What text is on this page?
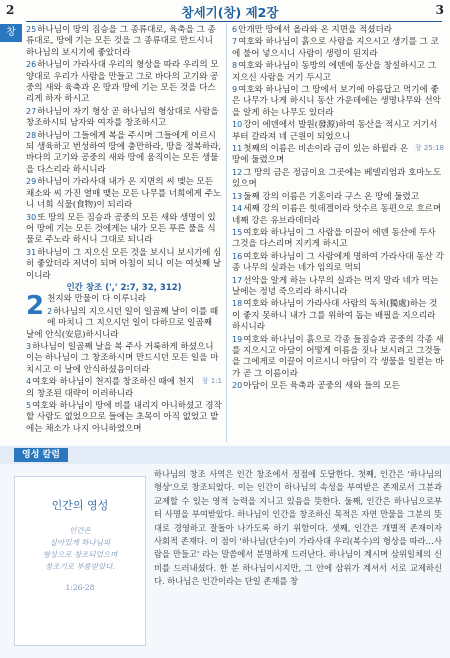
2	창세기(창) 제2장	3
창	25하나님이 땅의 짐승을 그 종류대로, 육축을 그 종류대로, 땅에 기는 모든 것을 그 종류대로 만드시니 하나님의 보시기에 좋았더라
26하나님이 가라사대 우리의 형상을 따라 우리의 모양대로 우리가 사람을 만들고 그로 바다의 고기와 공중의 새와 육축과 온 땅과 땅에 기는 모든 것을 다스리게 하자 하시고
27하나님이 자기 형상 곧 하나님의 형상대로 사람을 창조하시되 남자와 여자를 창조하시고
28하나님이 그들에게 복을 주시며 그들에게 이르시되 생육하고 번성하여 땅에 충만하라, 땅을 정복하라, 바다의 고기와 공중의 새와 땅에 움직이는 모든 생물을 다스리라 하시니라
29하나님이 가라사대 내가 온 지면의 씨 맺는 모든 채소와 씨 가진 열매 맺는 모든 나무를 너희에게 주노니 너희 식물(食物)이 되리라
30또 땅의 모든 짐승과 공중의 모든 새와 생명이 있어 땅에 기는 모든 것에게는 내가 모든 푸른 풀을 식물로 주노라 하시니 그대로 되니라
31하나님이 그 지으신 모든 것을 보시니 보시기에 심히 좋았더라 저녁이 되며 아침이 되니 이는 여섯째 날이니라
인간 창조 (',' 2:7, 32, 312)
2 천지와 만물이 다 이루니라
2하나님의 지으시던 일이 일곱째 날이 이를 때에 마치니 그 지으시던 일이 다하므로 일곱째 날에 안식(安息)하시니라
3하나님이 일곱째 날을 복 주사 거룩하게 하셨으니 이는 하나님이 그 창조하시며 만드시던 모든 일을 마치시고 이 날에 안식하셨음이더라
창 1:1
4여호와 하나님이 천지를 창조하신 때에 천지의 창조된 대략이 이러하니라
5여호와 하나님이 땅에 비를 내리지 아니하셨고 경작할 사람도 없었으므로 들에는 초목이 아직 없었고 밭에는 채소가 나지 아니하였으며
6안개만 땅에서 올라와 온 지면을 적셨더라
7여호와 하나님이 흙으로 사람을 지으시고 생기를 그 코에 불어 넣으시니 사람이 생령이 된지라
8여호와 하나님이 동방의 에덴에 동산을 창설하시고 그 지으신 사람을 거기 두시고
9여호와 하나님이 그 땅에서 보기에 아름답고 먹기에 좋은 나무가 나게 하시니 동산 가운데에는 생명나무와 선악을 알게 하는 나무도 있더라
10강이 에덴에서 발원(發源)하여 동산을 적시고 거기서부터 갈라져 네 근원이 되었으니
창 25:18
11첫째의 이름은 비손이라 금이 있는 하윌라 온 땅에 둘렸으며
12그 땅의 금은 정금이요 그곳에는 베델리엄과 호마노도 있으며
13둘째 강의 이름은 기혼이라 구스 온 땅에 둘렸고
14세째 강의 이름은 힛데겔이라 앗수르 동편으로 흐르며 네째 강은 유브라데더라
15여호와 하나님이 그 사람을 이끌어 에덴 동산에 두사 그것을 다스리며 지키게 하시고
16여호와 하나님이 그 사람에게 명하여 가라사대 동산 각종 나무의 실과는 네가 임의로 먹되
17선악을 알게 하는 나무의 실과는 먹지 말라 네가 먹는 날에는 정녕 죽으리라 하시니라
18여호와 하나님이 가라사대 사람의 독처(獨處)하는 것이 좋지 못하니 내가 그를 위하여 돕는 배필을 지으리라 하시니라
19여호와 하나님이 흙으로 각종 들짐승과 공중의 각종 새를 지으시고 아담이 어떻게 이름을 짓나 보시려고 그것들을 그에게로 이끌어 이르시니 아담이 각 생물을 일컫는 바가 곧 그 이름이라
20아담이 모든 육축과 공중의 새와 들의 모든
영성 칼럼
인간의 영성
인간은
살아있게 하나님의
형상으로 창조되었으며
창조기로 부름받았다.
1:26-28
하나님의 창조 사역은 인간 창조에서 정점에 도달한다. 첫째, 인간은 '하나님의 형상'으로 창조되었다. 이는 인간이 하나님의 속성을 부여받은 존재로서 그분과 교제할 수 있는 영적 능력을 지니고 있음을 뜻한다. 둘째, 인간은 하나님으로부터 사명을 부여받았다. 하나님이 인간을 창조하신 목적은 자연 만물을 그분의 뜻대로 경영하고 잘돌아 나가도록 하기 위함이다. 셋째, 인간은 개별적 존재이자 사회적 존재다. 이 점이 '하나님(단수)이 가라사대 우리(복수)의 형상을 따라…사람을 만들고' 라는 말씀에서 분명하게 드러난다. 하나님이 계시며 삼위일체의 신비를 드러내셨다. 한 분 하나님이시지만, 그 안에 삼위가 계셔서 서로 교제하신다. 하나님은 인간이라는 단일 존재를 창
